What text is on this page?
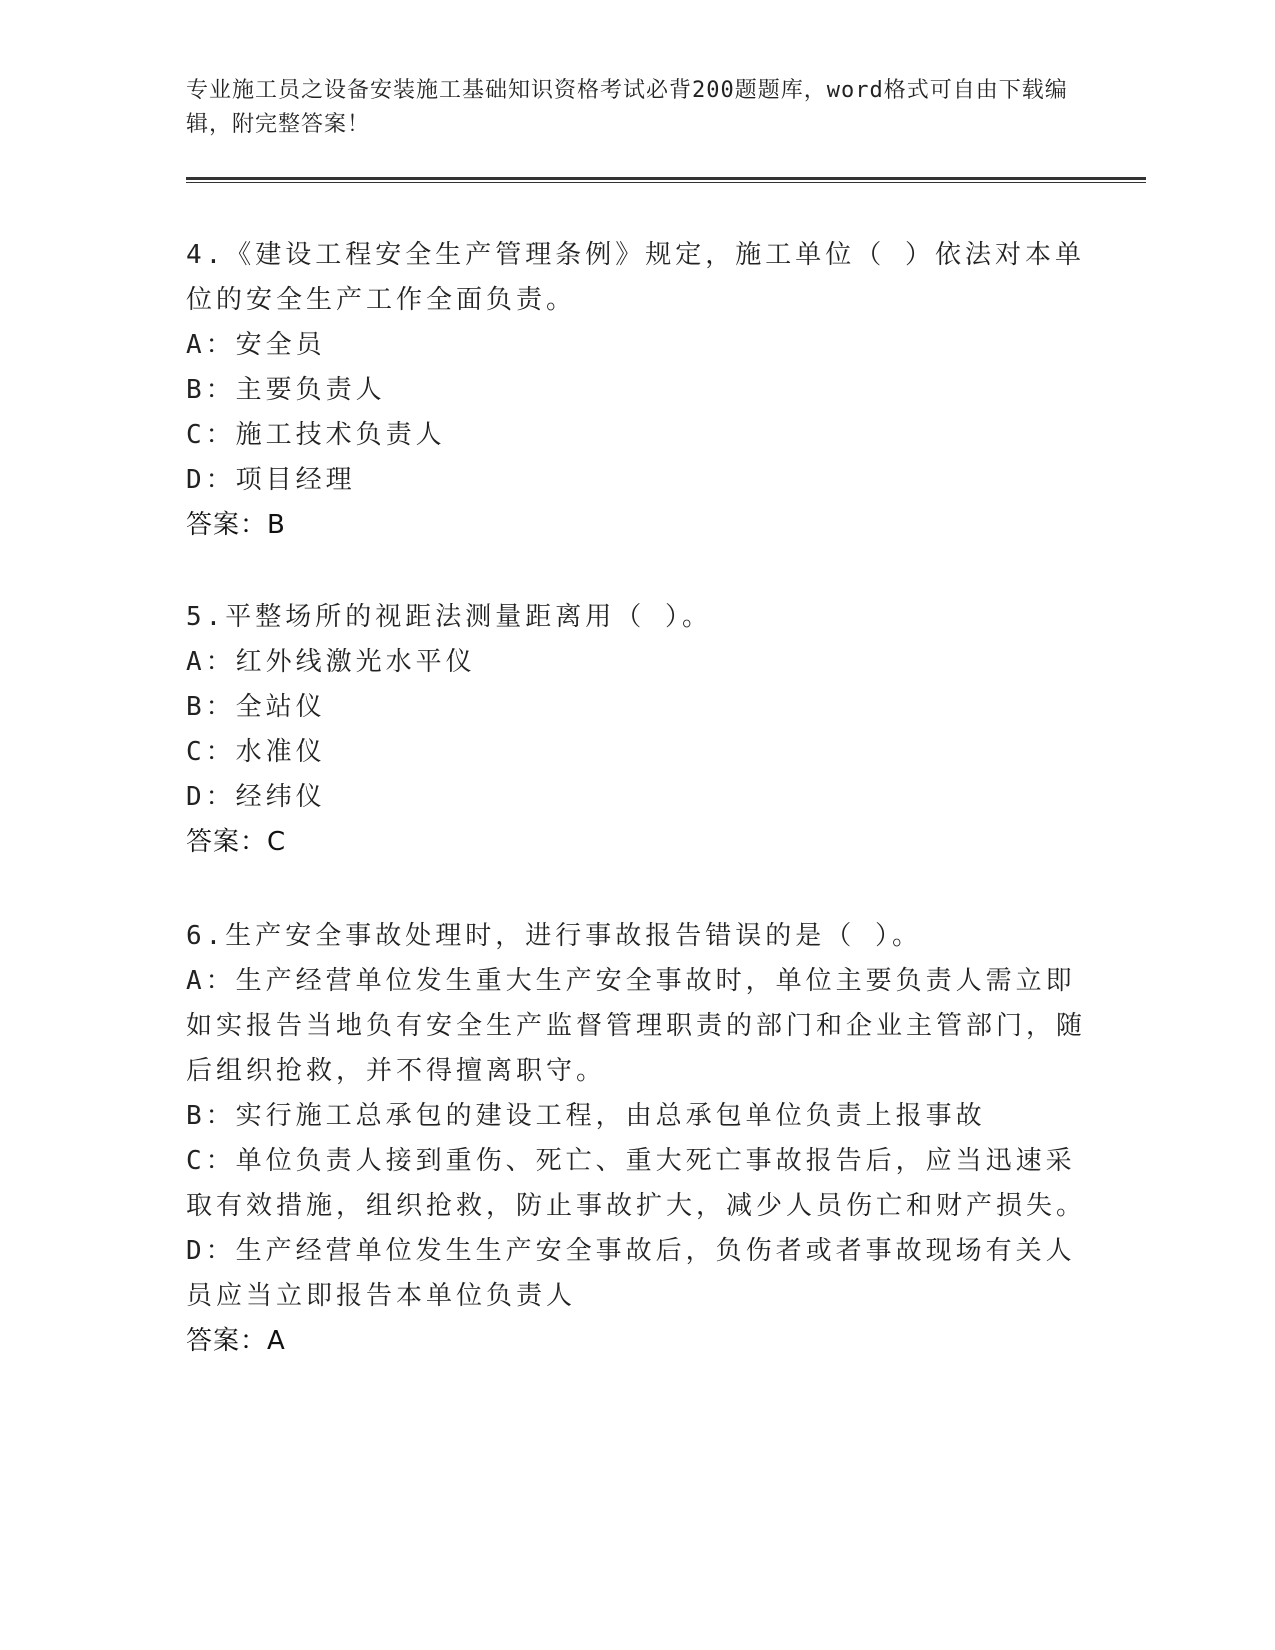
专业施工员之设备安装施工基础知识资格考试必背200题题库，word格式可自由下载编辑，附完整答案！
4.《建设工程安全生产管理条例》规定，施工单位（ ）依法对本单位的安全生产工作全面负责。
A：安全员
B：主要负责人
C：施工技术负责人
D：项目经理
答案：B
5.平整场所的视距法测量距离用（ ）。
A：红外线激光水平仪
B：全站仪
C：水准仪
D：经纬仪
答案：C
6.生产安全事故处理时，进行事故报告错误的是（ ）。
A：生产经营单位发生重大生产安全事故时，单位主要负责人需立即如实报告当地负有安全生产监督管理职责的部门和企业主管部门，随后组织抢救，并不得擅离职守。
B：实行施工总承包的建设工程，由总承包单位负责上报事故
C：单位负责人接到重伤、死亡、重大死亡事故报告后，应当迅速采取有效措施，组织抢救，防止事故扩大，减少人员伤亡和财产损失。
D：生产经营单位发生生产安全事故后，负伤者或者事故现场有关人员应当立即报告本单位负责人
答案：A
